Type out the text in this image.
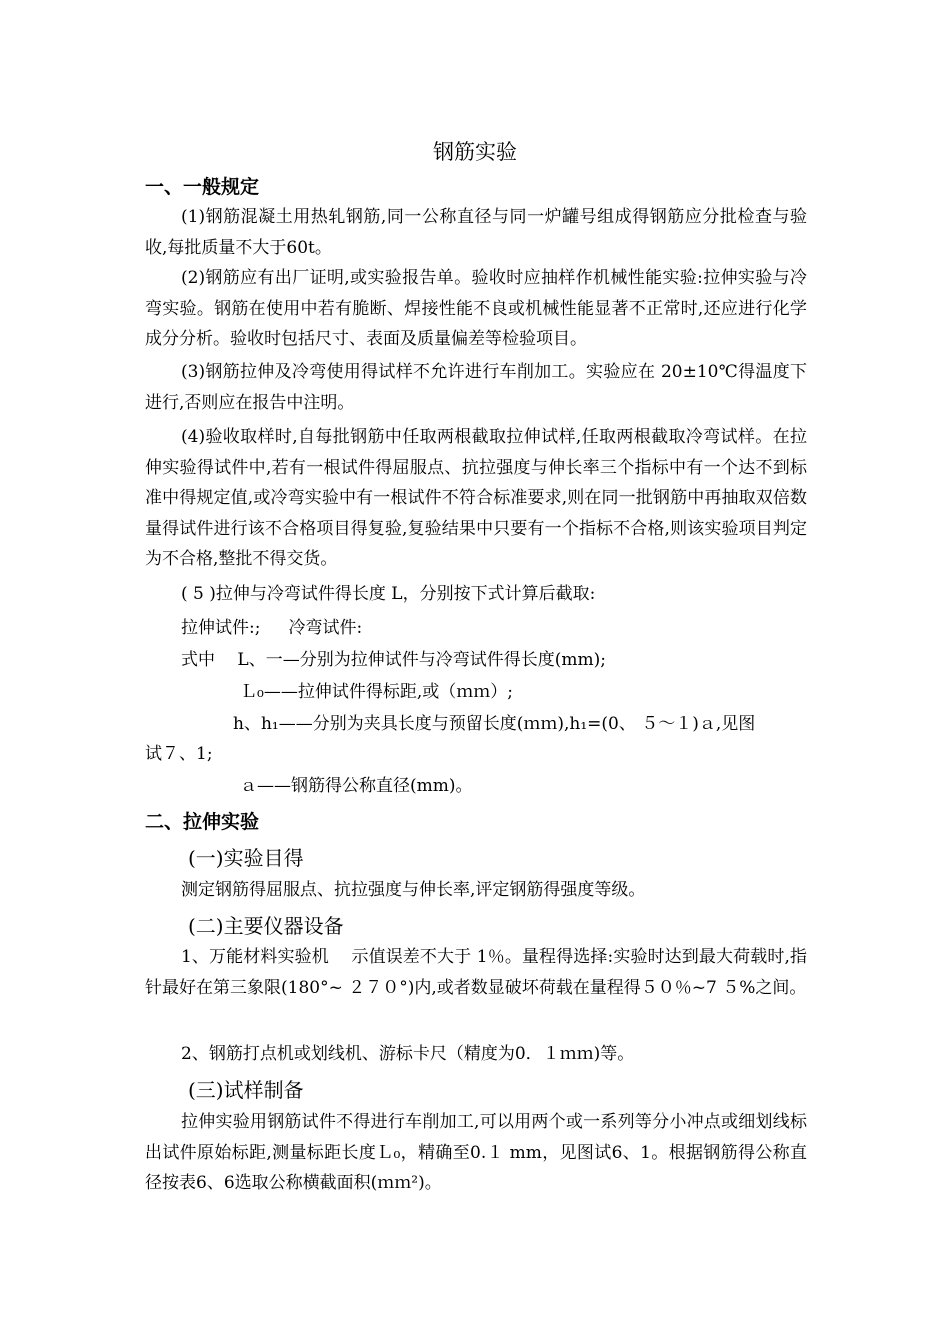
钢筋实验
一、一般规定
(1)钢筋混凝土用热轧钢筋,同一公称直径与同一炉罐号组成得钢筋应分批检查与验收,每批质量不大于60t。
(2)钢筋应有出厂证明,或实验报告单。验收时应抽样作机械性能实验:拉伸实验与冷弯实验。钢筋在使用中若有脆断、焊接性能不良或机械性能显著不正常时,还应进行化学成分分析。验收时包括尺寸、表面及质量偏差等检验项目。
(3)钢筋拉伸及冷弯使用得试样不允许进行车削加工。实验应在 20±10℃得温度下进行,否则应在报告中注明。
(4)验收取样时,自每批钢筋中任取两根截取拉伸试样,任取两根截取冷弯试样。在拉伸实验得试件中,若有一根试件得屈服点、抗拉强度与伸长率三个指标中有一个达不到标准中得规定值,或冷弯实验中有一根试件不符合标准要求,则在同一批钢筋中再抽取双倍数量得试件进行该不合格项目得复验,复验结果中只要有一个指标不合格,则该实验项目判定为不合格,整批不得交货。
( 5 )拉伸与冷弯试件得长度 L，分别按下式计算后截取:
拉伸试件:; 冷弯试件:
式中　 L、一—分别为拉伸试件与冷弯试件得长度(mm);
Ｌ₀——拉伸试件得标距,或（ｍｍ）;
h、h₁——分别为夹具长度与预留长度(ｍｍ),h₁=(0、 ５～１)ａ,见图
试７、1;
ａ——钢筋得公称直径(mm)。
二、拉伸实验
(一)实验目得
测定钢筋得屈服点、抗拉强度与伸长率,评定钢筋得强度等级。
(二)主要仪器设备
1、万能材料实验机　 示值误差不大于 1％。量程得选择:实验时达到最大荷载时,指针最好在第三象限(180°~ ２７０°)内,或者数显破坏荷载在量程得５０％~7 ５%之间。
2、钢筋打点机或划线机、游标卡尺（精度为0．１ｍｍ)等。
(三)试样制备
拉伸实验用钢筋试件不得进行车削加工,可以用两个或一系列等分小冲点或细划线标出试件原始标距,测量标距长度Ｌ₀，精确至0.１ mm，见图试6、1。根据钢筋得公称直径按表6、6选取公称横截面积(ｍｍ²)。
